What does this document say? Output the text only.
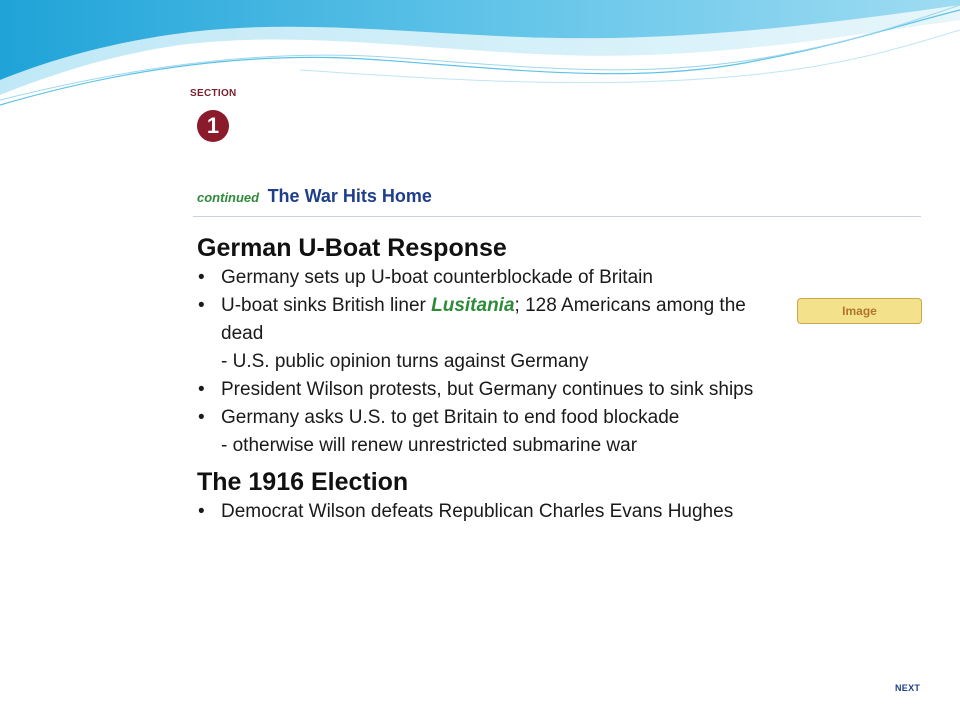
SECTION
1
continued The War Hits Home
German U-Boat Response
• Germany sets up U-boat counterblockade of Britain
• U-boat sinks British liner Lusitania; 128 Americans among the dead
- U.S. public opinion turns against Germany
• President Wilson protests, but Germany continues to sink ships
• Germany asks U.S. to get Britain to end food blockade
- otherwise will renew unrestricted submarine war
The 1916 Election
• Democrat Wilson defeats Republican Charles Evans Hughes
Image
NEXT
